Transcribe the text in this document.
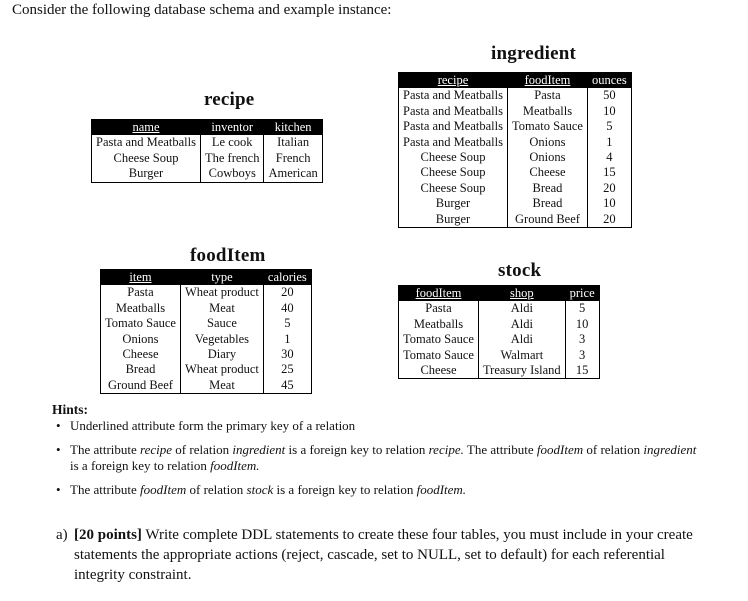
Consider the following database schema and example instance:
recipe
name	inventor	kitchen
Pasta and Meatballs	Le cook	Italian
Cheese Soup	The french	French
Burger	Cowboys	American
ingredient
recipe	foodItem	ounces
Pasta and Meatballs	Pasta	50
Pasta and Meatballs	Meatballs	10
Pasta and Meatballs	Tomato Sauce	5
Pasta and Meatballs	Onions	1
Cheese Soup	Onions	4
Cheese Soup	Cheese	15
Cheese Soup	Bread	20
Burger	Bread	10
Burger	Ground Beef	20
foodItem
item	type	calories
Pasta	Wheat product	20
Meatballs	Meat	40
Tomato Sauce	Sauce	5
Onions	Vegetables	1
Cheese	Diary	30
Bread	Wheat product	25
Ground Beef	Meat	45
stock
foodItem	shop	price
Pasta	Aldi	5
Meatballs	Aldi	10
Tomato Sauce	Aldi	3
Tomato Sauce	Walmart	3
Cheese	Treasury Island	15
Hints:
• Underlined attribute form the primary key of a relation
• The attribute recipe of relation ingredient is a foreign key to relation recipe. The attribute foodItem of relation ingredient is a foreign key to relation foodItem.
• The attribute foodItem of relation stock is a foreign key to relation foodItem.
a) [20 points] Write complete DDL statements to create these four tables, you must include in your create statements the appropriate actions (reject, cascade, set to NULL, set to default) for each referential integrity constraint.
